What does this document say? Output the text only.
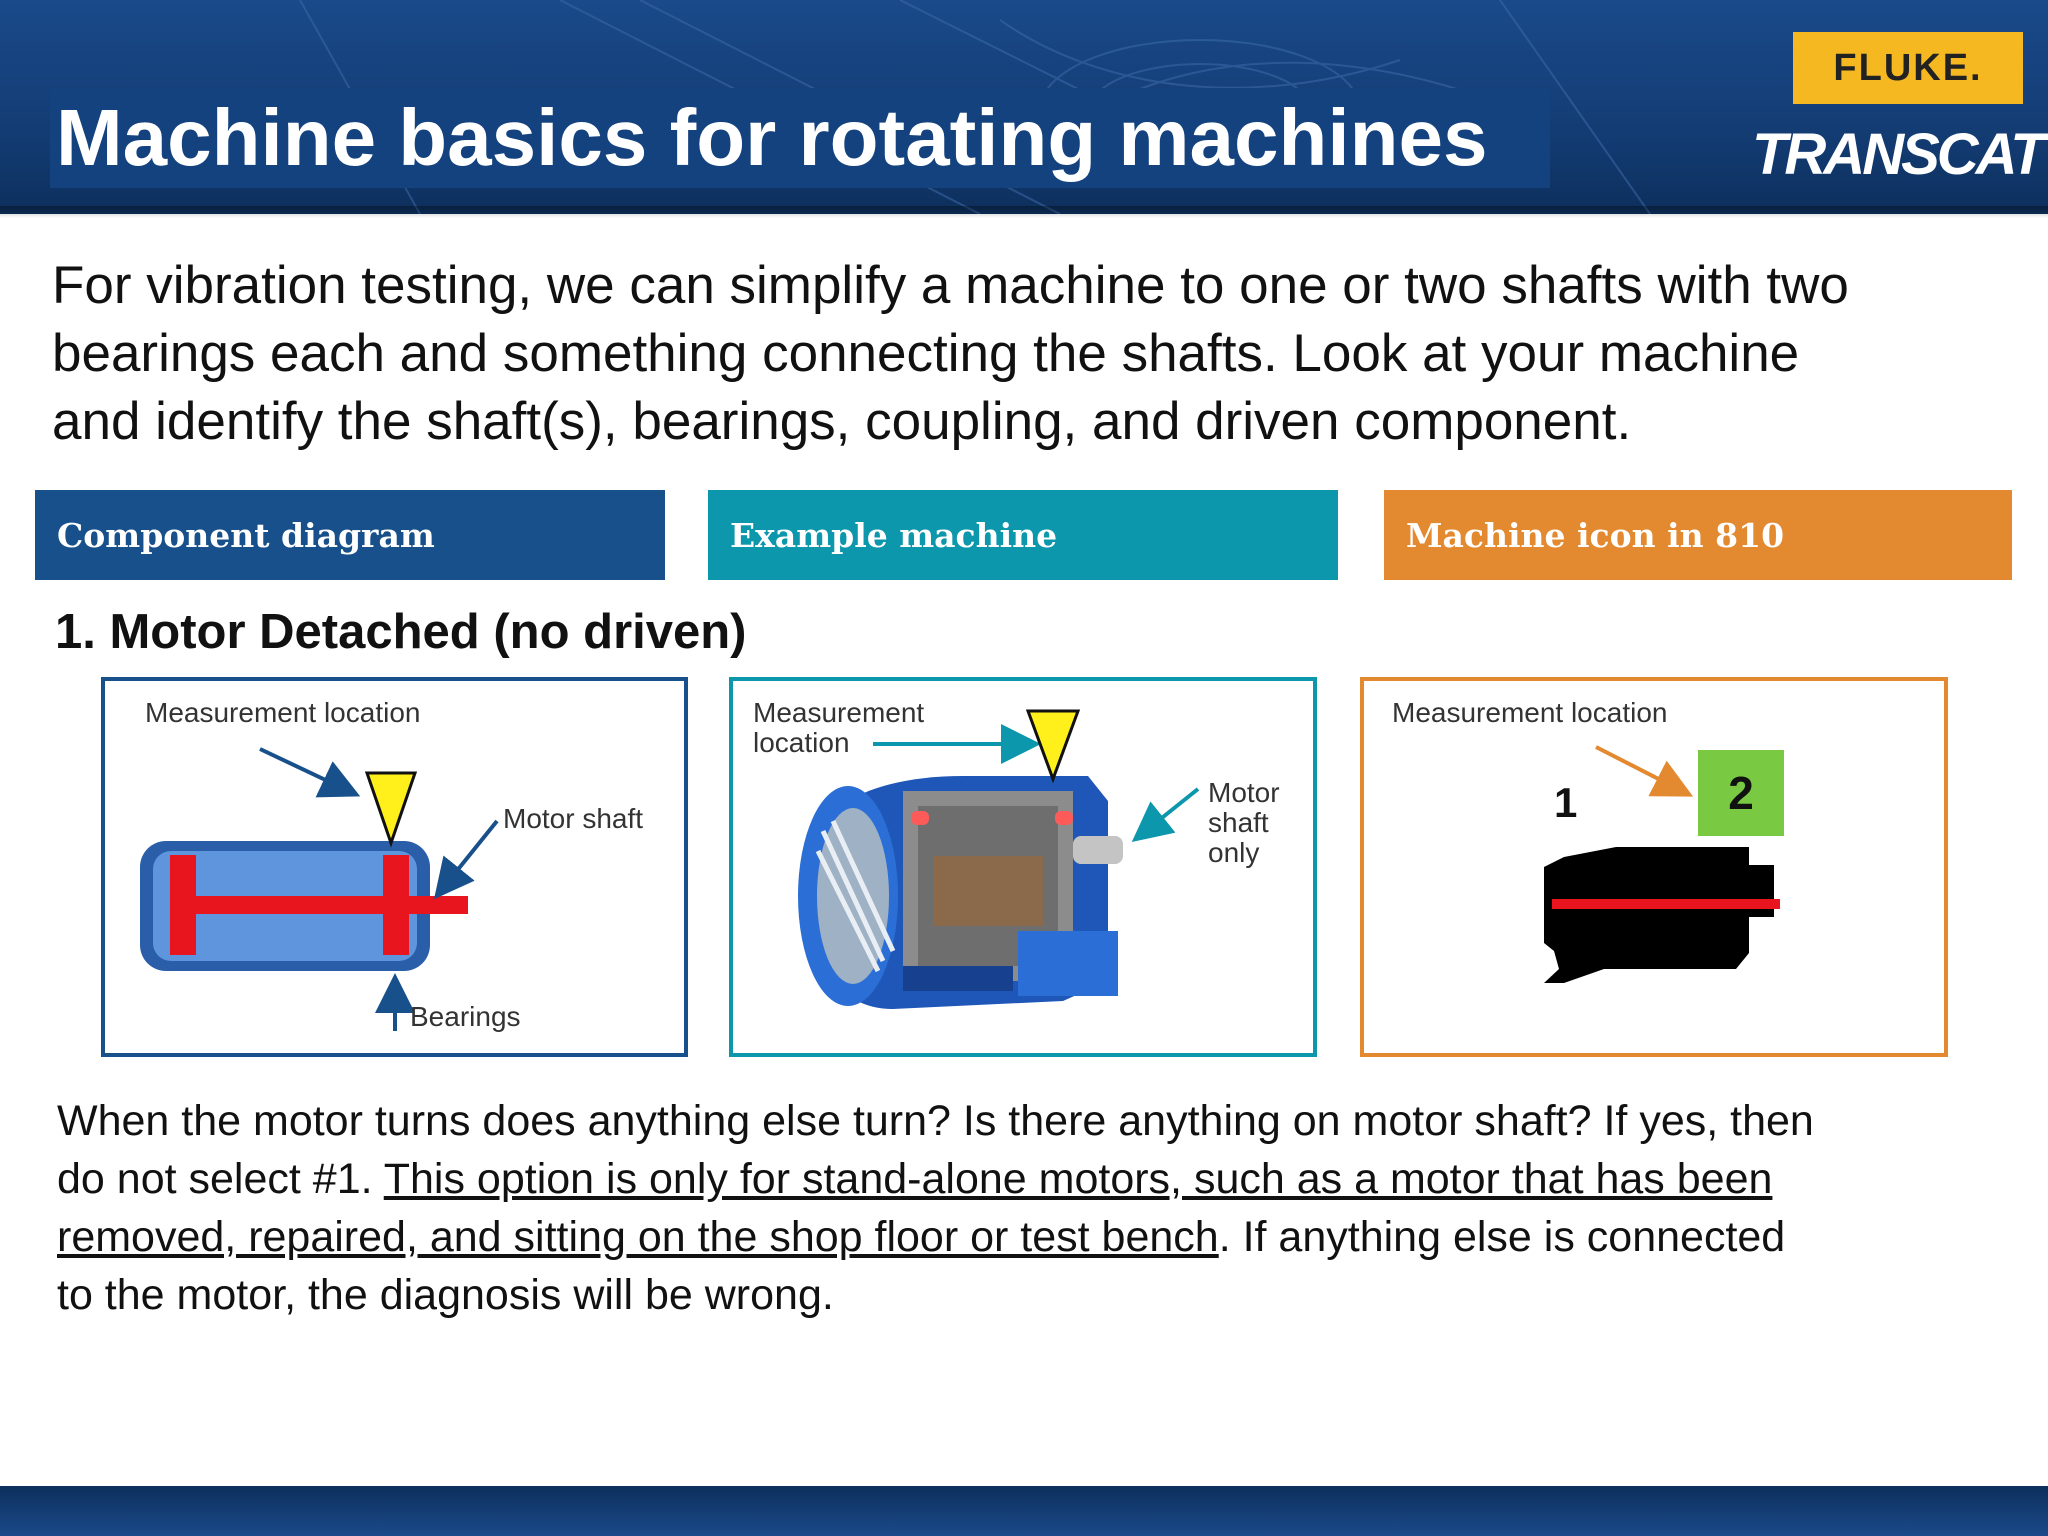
Machine basics for rotating machines
FLUKE.
TRANSCAT

For vibration testing, we can simplify a machine to one or two shafts with two

bearings each and something connecting the shafts. Look at your machine

and identify the shaft(s), bearings, coupling, and driven component.

Component diagram	Example machine	Machine icon in 810
1. Motor Detached (no driven)
Measurement location
Motor shaft
Bearings
Measurement
location
Motor
shaft
only
Measurement location
1	2

When the motor turns does anything else turn? Is there anything on motor shaft? If yes, then

do not select #1. This option is only for stand-alone motors, such as a motor that has been

removed, repaired, and sitting on the shop floor or test bench. If anything else is connected

to the motor, the diagnosis will be wrong.
